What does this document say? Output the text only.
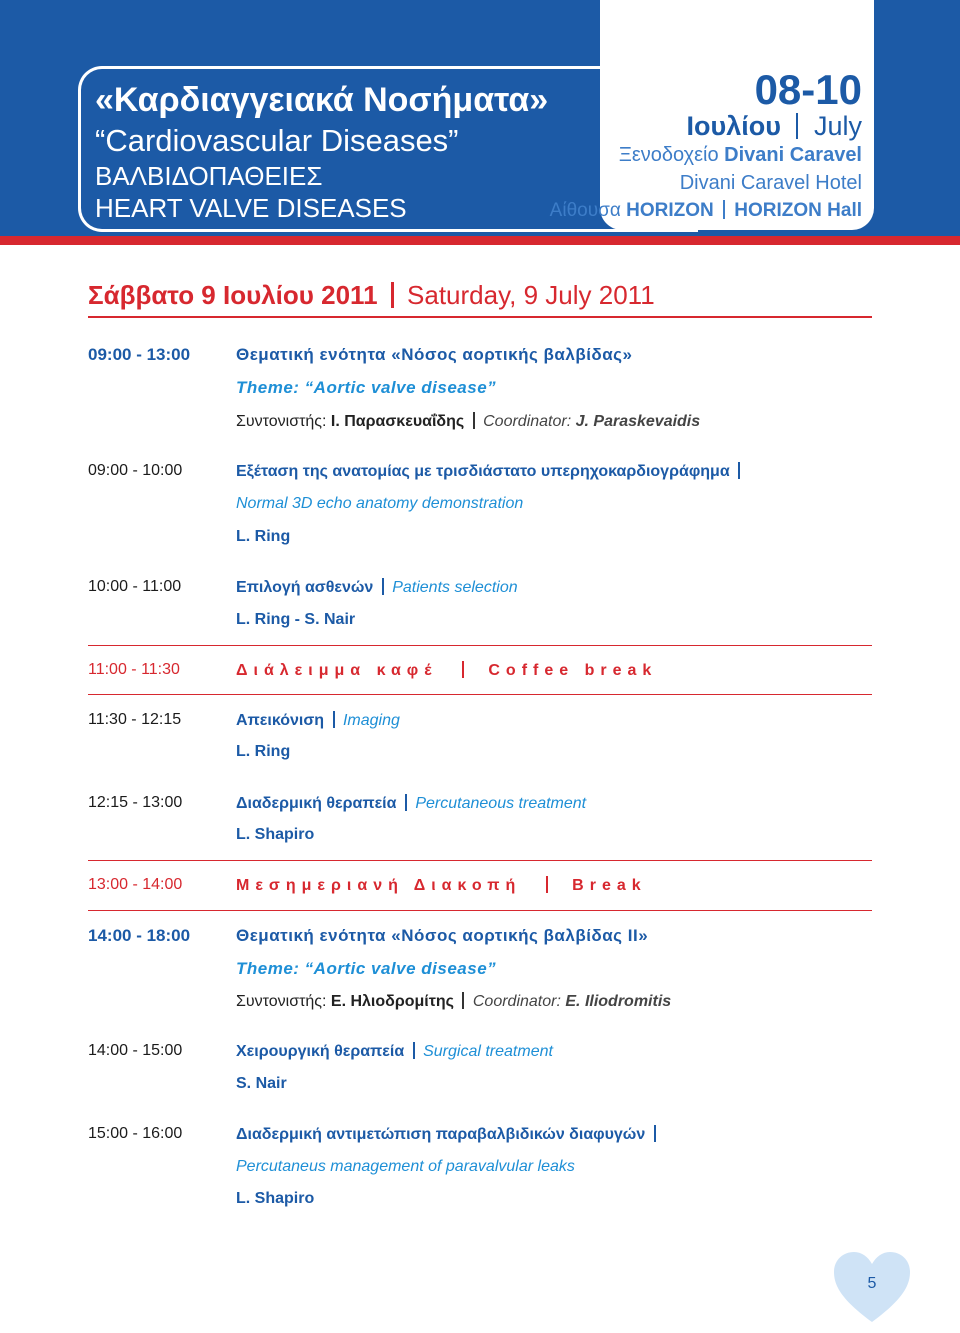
«Καρδιαγγειακά Νοσήματα»
“Cardiovascular Diseases”
ΒΑΛΒΙΔΟΠΑΘΕΙΕΣ
HEART VALVE DISEASES
08-10
Ιουλίου July
Ξενοδοχείο Divani Caravel
Divani Caravel Hotel
Αίθουσα HORIZON HORIZON Hall
Σάββατο 9 Ιουλίου 2011 Saturday, 9 July 2011
09:00 - 13:00	Θεματική ενότητα «Νόσος αορτικής βαλβίδας»
Theme: “Aortic valve disease”
Συντονιστής: Ι. Παρασκευαΐδης Coordinator: J. Paraskevaidis
09:00 - 10:00	Εξέταση της ανατομίας με τρισδιάστατο υπερηχοκαρδιογράφημα
Normal 3D echo anatomy demonstration
L. Ring
10:00 - 11:00	Επιλογή ασθενών Patients selection
L. Ring - S. Nair
11:00 - 11:30	Διάλειμμα καφέ	Coffee break
11:30 - 12:15	Απεικόνιση Imaging
L. Ring
12:15 - 13:00	Διαδερμική θεραπεία Percutaneous treatment
L. Shapiro
13:00 - 14:00	Μεσημεριανή Διακοπή	Break
14:00 - 18:00	Θεματική ενότητα «Νόσος αορτικής βαλβίδας ΙΙ»
Theme: “Aortic valve disease”
Συντονιστής: Ε. Ηλιοδρομίτης Coordinator: E. Iliodromitis
14:00 - 15:00	Χειρουργική θεραπεία Surgical treatment
S. Nair
15:00 - 16:00	Διαδερμική αντιμετώπιση παραβαλβιδικών διαφυγών
Percutaneus management of paravalvular leaks
L. Shapiro
5
